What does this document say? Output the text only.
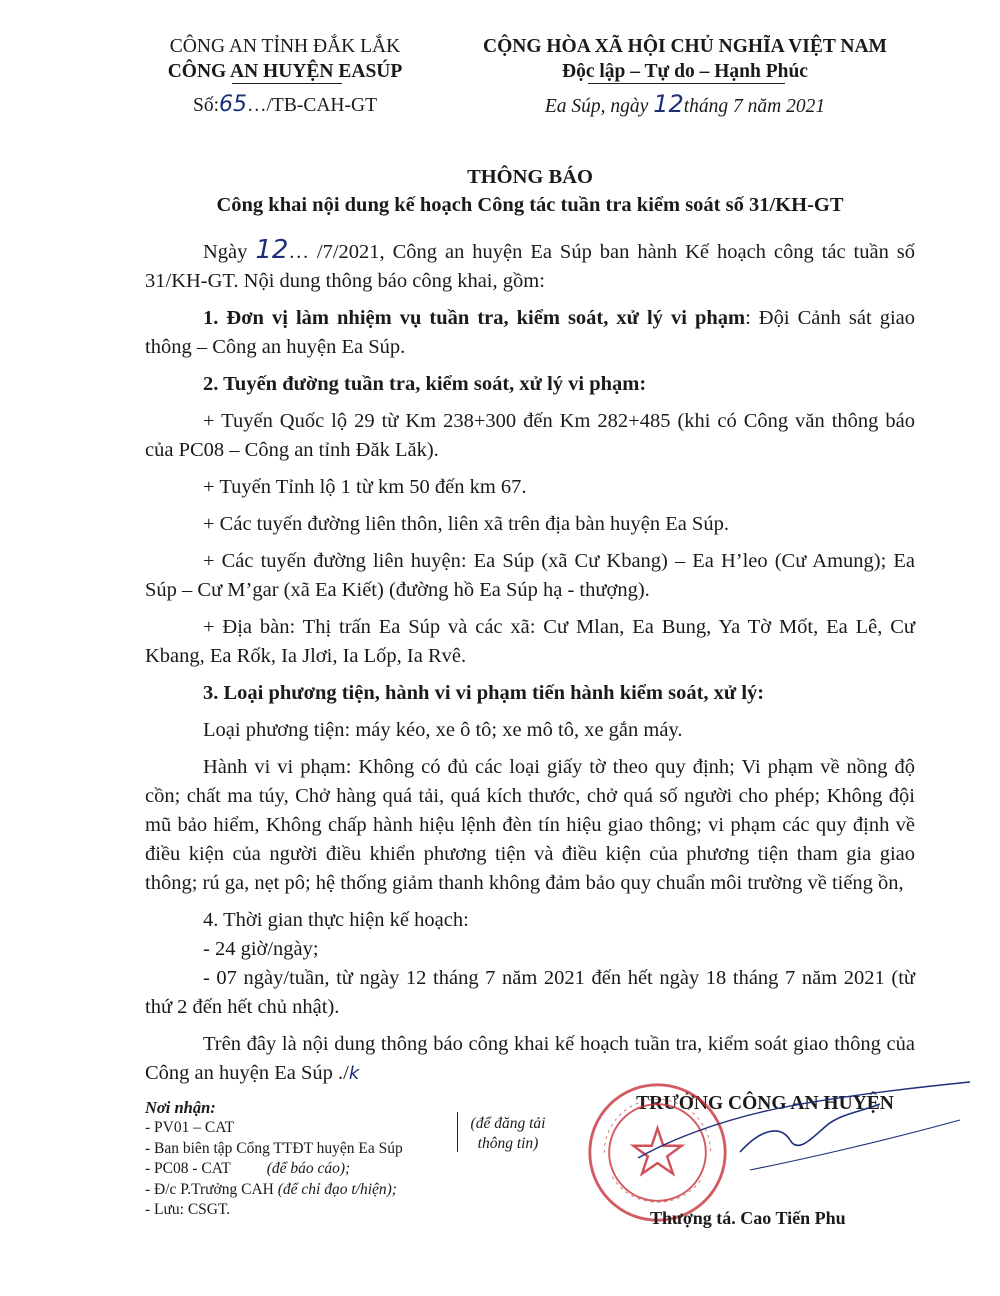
CÔNG AN TỈNH ĐẮK LẮK
CÔNG AN HUYỆN EASÚP
Số:65…/TB-CAH-GT
CỘNG HÒA XÃ HỘI CHỦ NGHĨA VIỆT NAM
Độc lập – Tự do – Hạnh Phúc
Ea Súp, ngày 12tháng 7 năm 2021
THÔNG BÁO
Công khai nội dung kế hoạch Công tác tuần tra kiểm soát số 31/KH-GT

Ngày 12… /7/2021, Công an huyện Ea Súp ban hành Kế hoạch công tác tuần số 31/KH-GT. Nội dung thông báo công khai, gồm:

1. Đơn vị làm nhiệm vụ tuần tra, kiểm soát, xử lý vi phạm: Đội Cảnh sát giao thông – Công an huyện Ea Súp.

2. Tuyến đường tuần tra, kiểm soát, xử lý vi phạm:

+ Tuyến Quốc lộ 29 từ Km 238+300 đến Km 282+485 (khi có Công văn thông báo của PC08 – Công an tỉnh Đăk Lăk).

+ Tuyến Tỉnh lộ 1 từ km 50 đến km 67.

+ Các tuyến đường liên thôn, liên xã trên địa bàn huyện Ea Súp.

+ Các tuyến đường liên huyện: Ea Súp (xã Cư Kbang) – Ea H’leo (Cư Amung); Ea Súp – Cư M’gar (xã Ea Kiết) (đường hồ Ea Súp hạ - thượng).

+ Địa bàn: Thị trấn Ea Súp và các xã: Cư Mlan, Ea Bung, Ya Tờ Mốt, Ea Lê, Cư Kbang, Ea Rốk, Ia Jlơi, Ia Lốp, Ia Rvê.

3. Loại phương tiện, hành vi vi phạm tiến hành kiểm soát, xử lý:

Loại phương tiện: máy kéo, xe ô tô; xe mô tô, xe gắn máy.

Hành vi vi phạm: Không có đủ các loại giấy tờ theo quy định; Vi phạm về nồng độ cồn; chất ma túy, Chở hàng quá tải, quá kích thước, chở quá số người cho phép; Không đội mũ bảo hiểm, Không chấp hành hiệu lệnh đèn tín hiệu giao thông; vi phạm các quy định về điều kiện của người điều khiển phương tiện và điều kiện của phương tiện tham gia giao thông; rú ga, nẹt pô; hệ thống giảm thanh không đảm bảo quy chuẩn môi trường về tiếng ồn,

4. Thời gian thực hiện kế hoạch:

- 24 giờ/ngày;

- 07 ngày/tuần, từ ngày 12 tháng 7 năm 2021 đến hết ngày 18 tháng 7 năm 2021 (từ thứ 2 đến hết chủ nhật).

Trên đây là nội dung thông báo công khai kế hoạch tuần tra, kiểm soát giao thông của Công an huyện Ea Súp ./k

Nơi nhận:
- PV01 – CAT
- Ban biên tập Cổng TTĐT huyện Ea Súp
- PC08 - CAT (để báo cáo);
- Đ/c P.Trưởng CAH (để chỉ đạo t/hiện);
- Lưu: CSGT.
(để đăng tải
thông tin)
TRƯỞNG CÔNG AN HUYỆN
Thượng tá. Cao Tiến Phu
